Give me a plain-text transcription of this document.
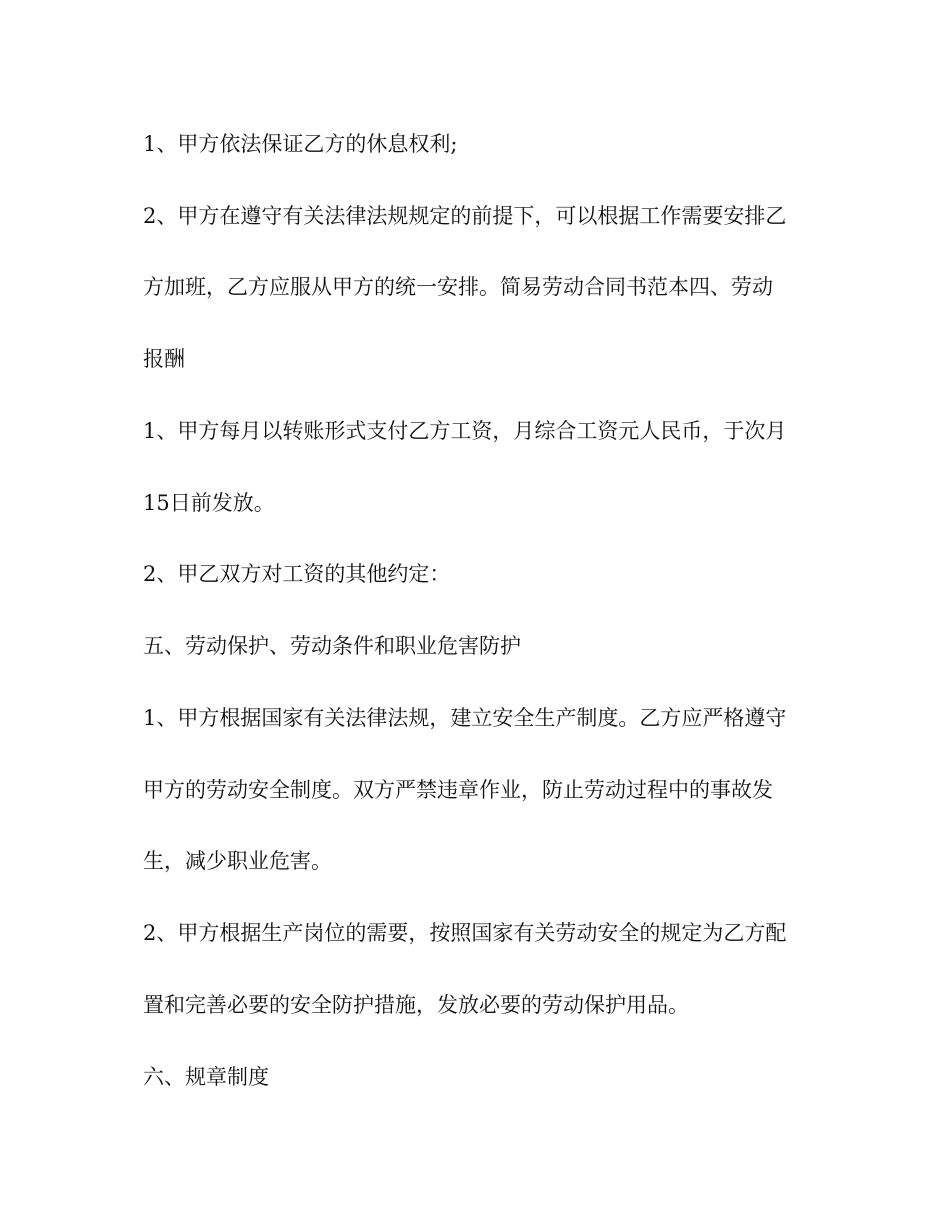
1、甲方依法保证乙方的休息权利;
2、甲方在遵守有关法律法规规定的前提下，可以根据工作需要安排乙
方加班，乙方应服从甲方的统一安排。简易劳动合同书范本四、劳动
报酬
1、甲方每月以转账形式支付乙方工资，月综合工资元人民币，于次月
15日前发放。
2、甲乙双方对工资的其他约定：
五、劳动保护、劳动条件和职业危害防护
1、甲方根据国家有关法律法规，建立安全生产制度。乙方应严格遵守
甲方的劳动安全制度。双方严禁违章作业，防止劳动过程中的事故发
生，减少职业危害。
2、甲方根据生产岗位的需要，按照国家有关劳动安全的规定为乙方配
置和完善必要的安全防护措施，发放必要的劳动保护用品。
六、规章制度
